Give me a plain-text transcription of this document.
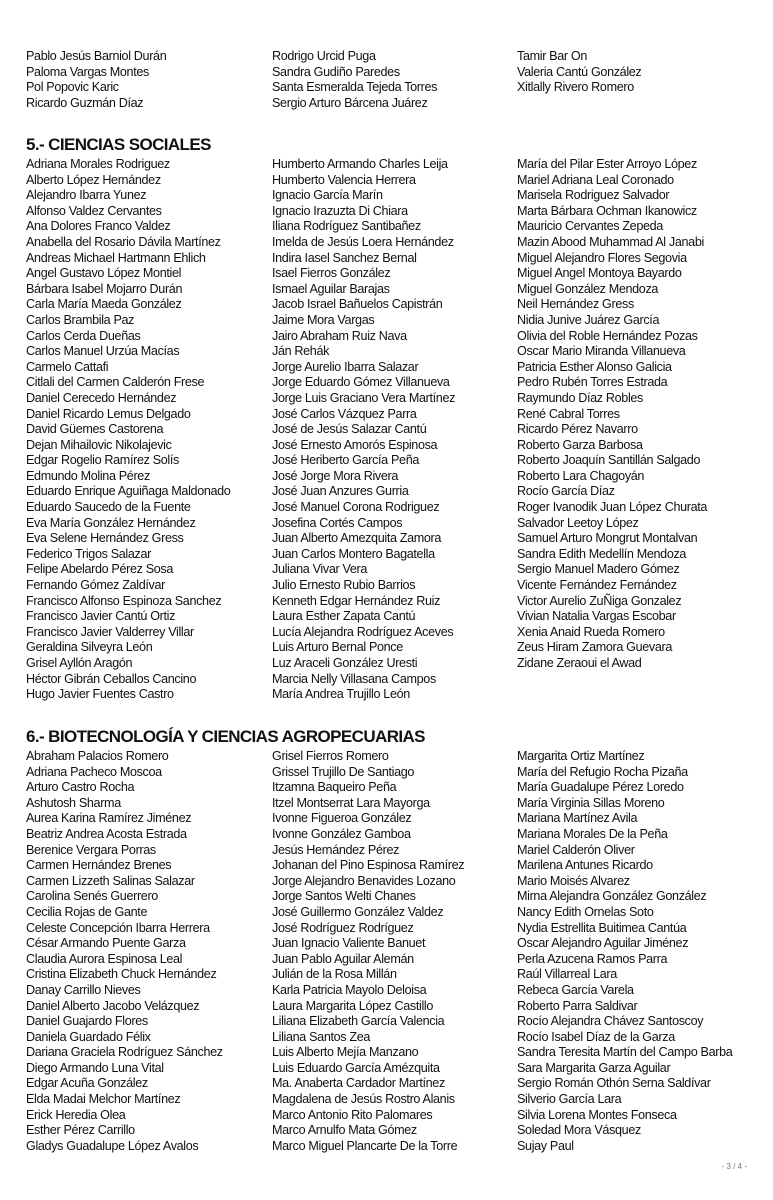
Pablo Jesús Barniol Durán
Paloma Vargas Montes
Pol Popovic Karic
Ricardo Guzmán Díaz
Rodrigo Urcid Puga
Sandra Gudiño Paredes
Santa Esmeralda Tejeda Torres
Sergio Arturo Bárcena Juárez
Tamir Bar On
Valeria Cantú González
Xitlally Rivero Romero
5.- CIENCIAS SOCIALES
Adriana Morales Rodriguez
Alberto López Hernández
Alejandro Ibarra Yunez
Alfonso Valdez Cervantes
Ana Dolores Franco Valdez
Anabella del Rosario Dávila Martínez
Andreas Michael Hartmann Ehlich
Angel Gustavo López Montiel
Bárbara Isabel Mojarro Durán
Carla María Maeda González
Carlos Brambila Paz
Carlos Cerda Dueñas
Carlos Manuel Urzúa Macías
Carmelo Cattafi
Citlali del Carmen Calderón Frese
Daniel Cerecedo Hernández
Daniel Ricardo Lemus Delgado
David Güemes Castorena
Dejan Mihailovic Nikolajevic
Edgar Rogelio Ramírez Solís
Edmundo Molina Pérez
Eduardo Enrique Aguiñaga Maldonado
Eduardo Saucedo de la Fuente
Eva María González Hernández
Eva Selene Hernández Gress
Federico Trigos Salazar
Felipe Abelardo Pérez Sosa
Fernando Gómez Zaldívar
Francisco Alfonso Espinoza Sanchez
Francisco Javier Cantú Ortiz
Francisco Javier Valderrey Villar
Geraldina Silveyra León
Grisel Ayllón Aragón
Héctor Gibrán Ceballos Cancino
Hugo Javier Fuentes Castro
Humberto Armando Charles Leija
Humberto Valencia Herrera
Ignacio García Marín
Ignacio Irazuzta Di Chiara
Iliana Rodríguez Santibañez
Imelda de Jesús Loera Hernández
Indira Iasel Sanchez Bernal
Isael Fierros González
Ismael Aguilar Barajas
Jacob Israel Bañuelos Capistrán
Jaime Mora Vargas
Jairo Abraham Ruiz Nava
Ján Rehák
Jorge Aurelio Ibarra Salazar
Jorge Eduardo Gómez Villanueva
Jorge Luis Graciano Vera Martínez
José Carlos Vázquez Parra
José de Jesús Salazar Cantú
José Ernesto Amorós Espinosa
José Heriberto García Peña
José Jorge Mora Rivera
José Juan Anzures Gurria
José Manuel Corona Rodriguez
Josefina Cortés Campos
Juan Alberto Amezquita Zamora
Juan Carlos Montero Bagatella
Juliana Vivar Vera
Julio Ernesto Rubio Barrios
Kenneth Edgar Hernández Ruiz
Laura Esther Zapata Cantú
Lucía Alejandra Rodríguez Aceves
Luis Arturo Bernal Ponce
Luz Araceli González Uresti
Marcia Nelly Villasana Campos
María Andrea Trujillo León
María del Pilar Ester Arroyo López
Mariel Adriana Leal Coronado
Marisela Rodriguez Salvador
Marta Bárbara Ochman Ikanowicz
Mauricio Cervantes Zepeda
Mazin Abood Muhammad Al Janabi
Miguel Alejandro Flores Segovia
Miguel Angel Montoya Bayardo
Miguel González Mendoza
Neil Hernández Gress
Nidia Junive Juárez García
Olivia del Roble Hernández Pozas
Oscar Mario Miranda Villanueva
Patricia Esther Alonso Galicia
Pedro Rubén Torres Estrada
Raymundo Díaz Robles
René Cabral Torres
Ricardo Pérez Navarro
Roberto Garza Barbosa
Roberto Joaquín Santillán Salgado
Roberto Lara Chagoyán
Rocío García Díaz
Roger Ivanodik Juan López Churata
Salvador Leetoy López
Samuel Arturo Mongrut Montalvan
Sandra Edith Medellín Mendoza
Sergio Manuel Madero Gómez
Vicente Fernández Fernández
Victor Aurelio ZuÑiga Gonzalez
Vivian Natalia Vargas Escobar
Xenia Anaid Rueda Romero
Zeus Hiram Zamora Guevara
Zidane Zeraoui el Awad
6.- BIOTECNOLOGÍA Y CIENCIAS AGROPECUARIAS
Abraham Palacios Romero
Adriana Pacheco Moscoa
Arturo Castro Rocha
Ashutosh Sharma
Aurea Karina Ramírez Jiménez
Beatriz Andrea Acosta Estrada
Berenice Vergara Porras
Carmen Hernández Brenes
Carmen Lizzeth Salinas Salazar
Carolina Senés Guerrero
Cecilia Rojas de Gante
Celeste Concepción Ibarra Herrera
César Armando Puente Garza
Claudia Aurora Espinosa Leal
Cristina Elizabeth Chuck Hernández
Danay Carrillo Nieves
Daniel Alberto Jacobo Velázquez
Daniel Guajardo Flores
Daniela Guardado Félix
Dariana Graciela Rodríguez Sánchez
Diego Armando Luna Vital
Edgar Acuña González
Elda Madai Melchor Martínez
Erick Heredia Olea
Esther Pérez Carrillo
Gladys Guadalupe López Avalos
Grisel Fierros Romero
Grissel Trujillo De Santiago
Itzamna Baqueiro Peña
Itzel Montserrat Lara Mayorga
Ivonne Figueroa González
Ivonne González Gamboa
Jesús Hernández Pérez
Johanan del Pino Espinosa Ramírez
Jorge Alejandro Benavides Lozano
Jorge Santos Welti Chanes
José Guillermo González Valdez
José Rodríguez Rodríguez
Juan Ignacio Valiente Banuet
Juan Pablo Aguilar Alemán
Julián de la Rosa Millán
Karla Patricia Mayolo Deloisa
Laura Margarita López Castillo
Liliana Elizabeth García Valencia
Liliana Santos Zea
Luis Alberto Mejía Manzano
Luis Eduardo García Amézquita
Ma. Anaberta Cardador Martínez
Magdalena de Jesús Rostro Alanis
Marco Antonio Rito Palomares
Marco Arnulfo Mata Gómez
Marco Miguel Plancarte De la Torre
Margarita Ortiz Martínez
María del Refugio Rocha Pizaña
María Guadalupe Pérez Loredo
María Virginia Sillas Moreno
Mariana Martínez Avila
Mariana Morales De la Peña
Mariel Calderón Oliver
Marilena Antunes Ricardo
Mario Moisés Alvarez
Mirna Alejandra González González
Nancy Edith Ornelas Soto
Nydia Estrellita Buitimea Cantúa
Oscar Alejandro Aguilar Jiménez
Perla Azucena Ramos Parra
Raúl Villarreal Lara
Rebeca García Varela
Roberto Parra Saldivar
Rocío Alejandra Chávez Santoscoy
Rocío Isabel Díaz de la Garza
Sandra Teresita Martín del Campo Barba
Sara Margarita Garza Aguilar
Sergio Román Othón Serna Saldívar
Silverio García Lara
Silvia Lorena Montes Fonseca
Soledad Mora Vásquez
Sujay Paul
- 3 / 4 -
